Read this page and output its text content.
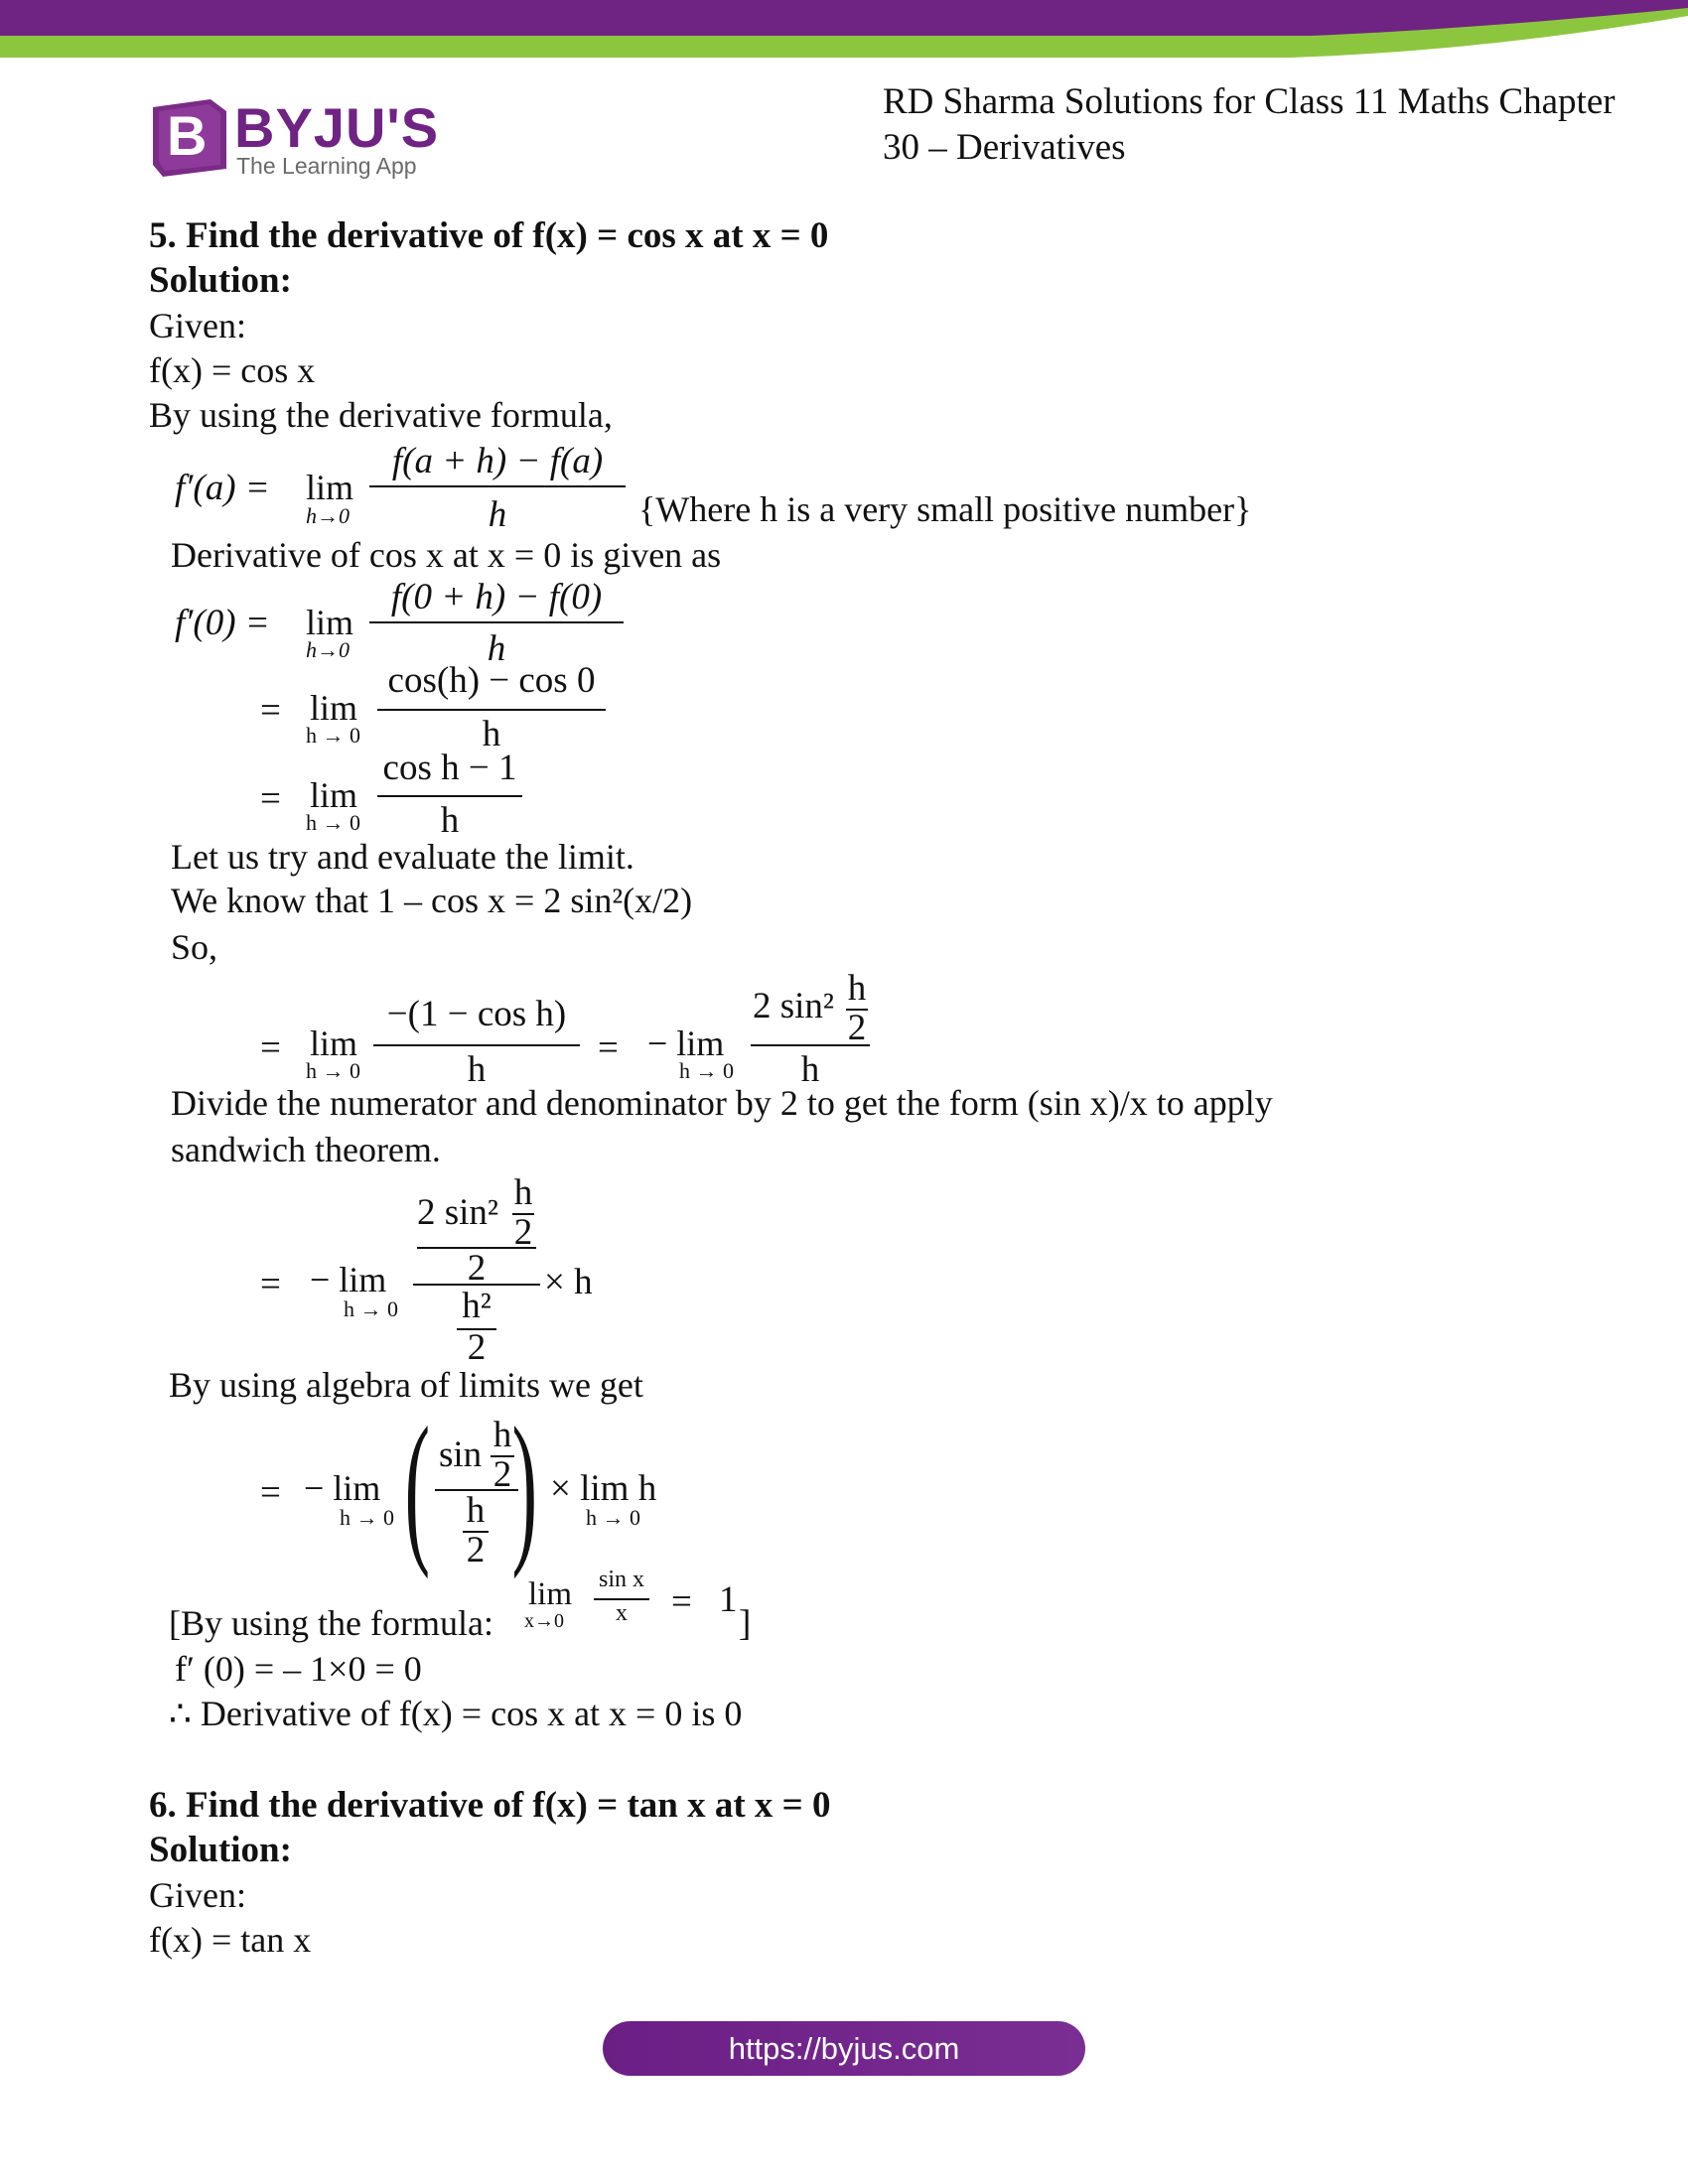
B BYJU'S
The Learning App
RD Sharma Solutions for Class 11 Maths Chapter
30 – Derivatives
5. Find the derivative of f(x) = cos x at x = 0
Solution:
Given:
f(x) = cos x
By using the derivative formula,
f′(a) = lim
h→0
f(a + h) − f(a)
h	{Where h is a very small positive number}
Derivative of cos x at x = 0 is given as
f′(0) = lim
h→0
f(0 + h) − f(0)
h
= lim
h → 0
cos(h) − cos 0
h
= lim
h → 0
cos h − 1
h
Let us try and evaluate the limit.
We know that 1 – cos x = 2 sin²(x/2)
So,
= lim
h → 0
−(1 − cos h)
h
= − lim
h → 0
2 sin² h
2
h
Divide the numerator and denominator by 2 to get the form (sin x)/x to apply
sandwich theorem.
= − lim
h → 0
2 sin² h
2
2	× h
h²
2
By using algebra of limits we get
= − lim
h → 0 ( sin h
2
h
2 ) × lim h
h → 0
[By using the formula:
lim
x→0
sin x
x	= 1
]
f′ (0) = – 1×0 = 0
∴ Derivative of f(x) = cos x at x = 0 is 0
6. Find the derivative of f(x) = tan x at x = 0
Solution:
Given:
f(x) = tan x
https://byjus.com
